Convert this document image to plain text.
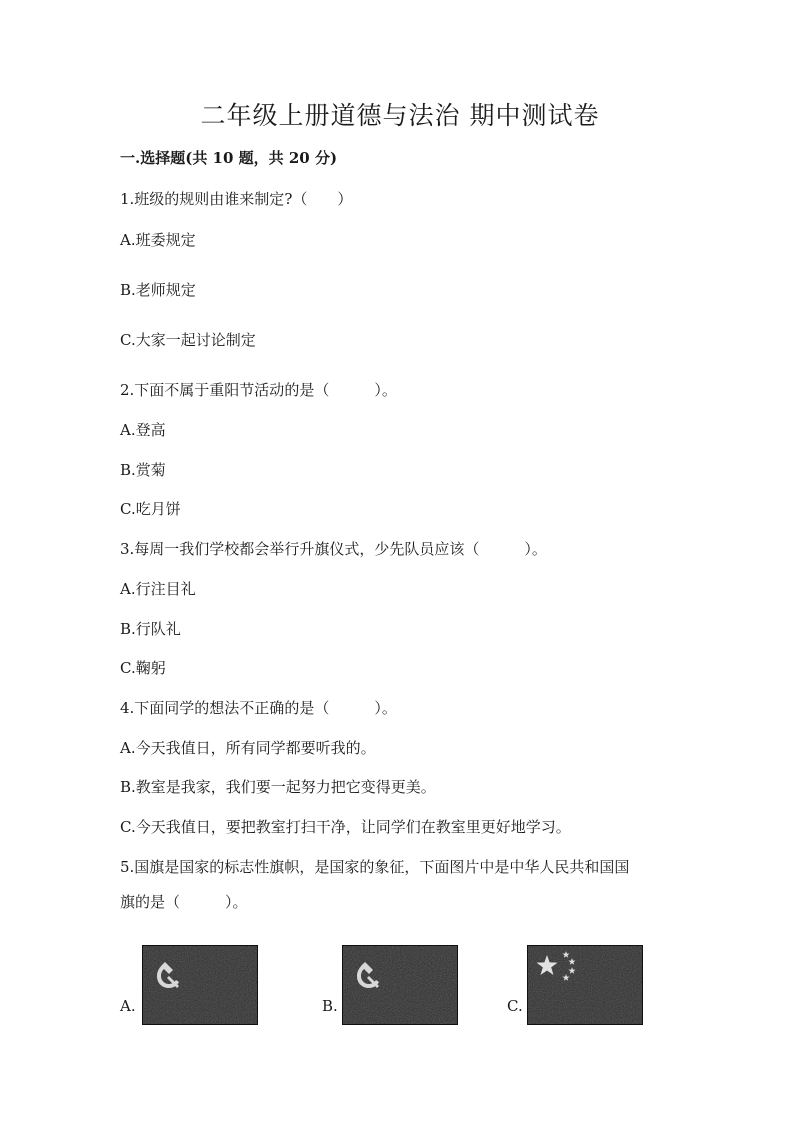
二年级上册道德与法治 期中测试卷
一.选择题(共 10 题，共 20 分)
1.班级的规则由谁来制定?（　　）
A.班委规定
B.老师规定
C.大家一起讨论制定
2.下面不属于重阳节活动的是（　　　）。
A.登高
B.赏菊
C.吃月饼
3.每周一我们学校都会举行升旗仪式，少先队员应该（　　　）。
A.行注目礼
B.行队礼
C.鞠躬
4.下面同学的想法不正确的是（　　　）。
A.今天我值日，所有同学都要听我的。
B.教室是我家，我们要一起努力把它变得更美。
C.今天我值日，要把教室打扫干净，让同学们在教室里更好地学习。
5.国旗是国家的标志性旗帜，是国家的象征，下面图片中是中华人民共和国国
旗的是（　　　）。
A.	B.	C.
